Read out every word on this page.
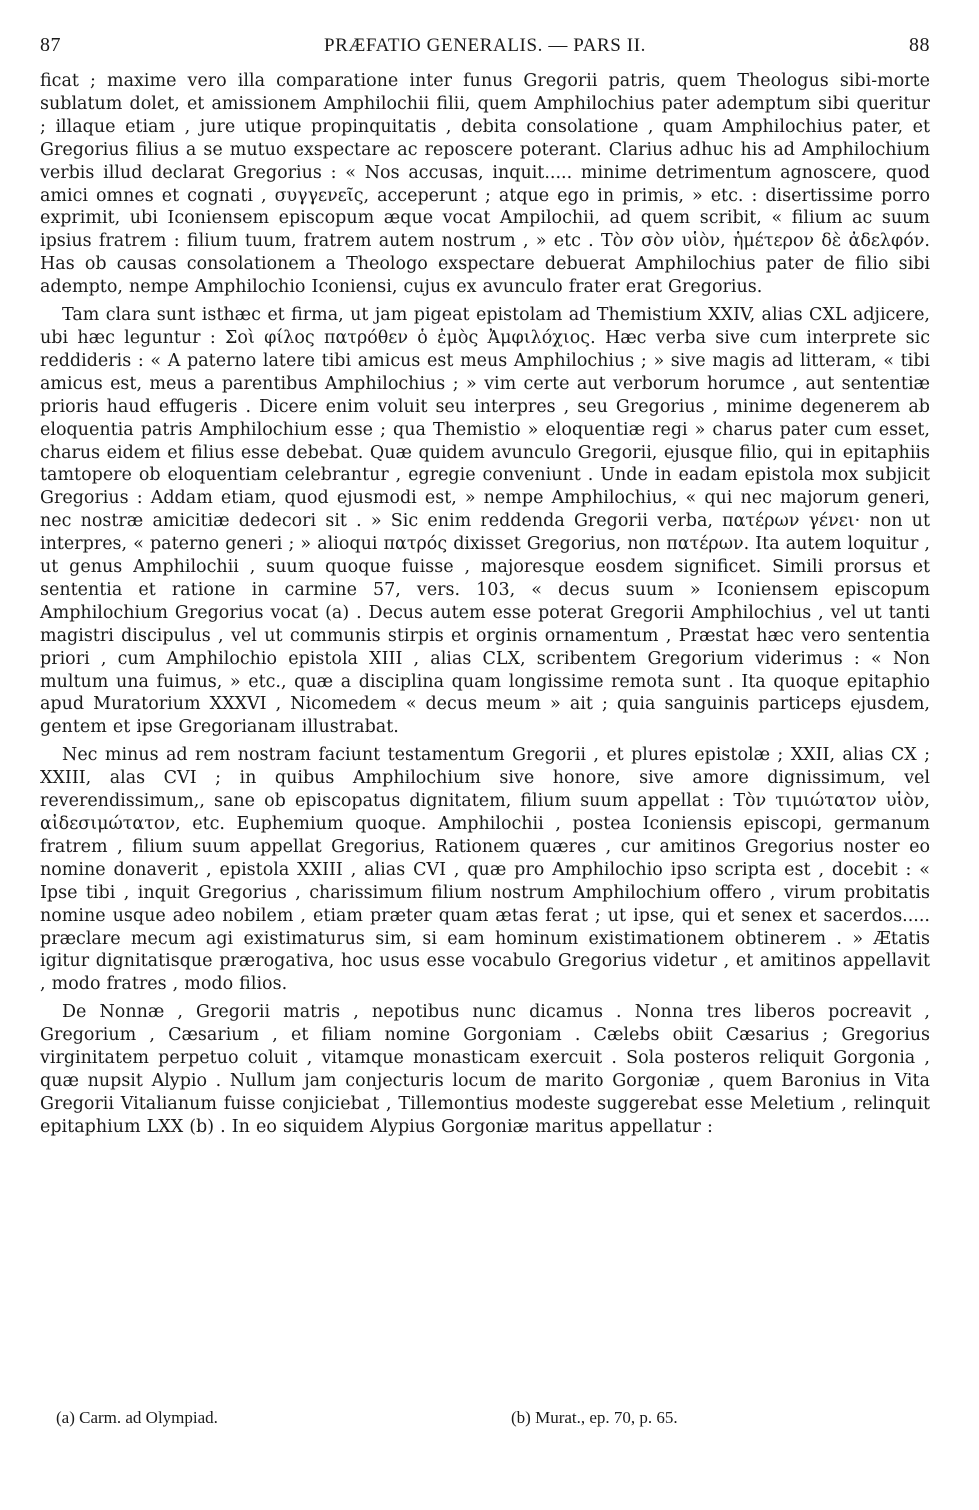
87	PRÆFATIO GENERALIS. — PARS II.	88

ficat ; maxime vero illa comparatione inter funus Gregorii patris, quem Theologus sibi-morte sublatum dolet, et amissionem Amphilochii filii, quem Amphilochius pater ademptum sibi queritur ; illaque etiam , jure utique propinquitatis , debita consolatione , quam Amphilochius pater, et Gregorius filius a se mutuo exspectare ac reposcere poterant. Clarius adhuc his ad Amphilochium verbis illud declarat Gregorius : « Nos accusas, inquit..... minime detrimentum agnoscere, quod amici omnes et cognati , συγγενεῖς, acceperunt ; atque ego in primis, » etc. : disertissime porro exprimit, ubi Iconiensem episcopum æque vocat Ampilochii, ad quem scribit, « filium ac suum ipsius fratrem : filium tuum, fratrem autem nostrum , » etc . Τὸν σὸν υἱὸν, ἡμέτερον δὲ ἀδελφόν. Has ob causas consolationem a Theologo exspectare debuerat Amphilochius pater de filio sibi adempto, nempe Amphilochio Iconiensi, cujus ex avunculo frater erat Gregorius.

Tam clara sunt isthæc et firma, ut jam pigeat epistolam ad Themistium XXIV, alias CXL adjicere, ubi hæc leguntur : Σοὶ φίλος πατρόθεν ὁ ἐμὸς Ἀμφιλόχιος. Hæc verba sive cum interprete sic reddideris : « A paterno latere tibi amicus est meus Amphilochius ; » sive magis ad litteram, « tibi amicus est, meus a parentibus Amphilochius ; » vim certe aut verborum horumce , aut sententiæ prioris haud effugeris . Dicere enim voluit seu interpres , seu Gregorius , minime degenerem ab eloquentia patris Amphilochium esse ; qua Themistio » eloquentiæ regi » charus pater cum esset, charus eidem et filius esse debebat. Quæ quidem avunculo Gregorii, ejusque filio, qui in epitaphiis tamtopere ob eloquentiam celebrantur , egregie conveniunt . Unde in eadam epistola mox subjicit Gregorius : Addam etiam, quod ejusmodi est, » nempe Amphilochius, « qui nec majorum generi, nec nostræ amicitiæ dedecori sit . » Sic enim reddenda Gregorii verba, πατέρων γένει· non ut interpres, « paterno generi ; » alioqui πατρός dixisset Gregorius, non πατέρων. Ita autem loquitur , ut genus Amphilochii , suum quoque fuisse , majoresque eosdem significet. Simili prorsus et sententia et ratione in carmine 57, vers. 103, « decus suum » Iconiensem episcopum Amphilochium Gregorius vocat (a) . Decus autem esse poterat Gregorii Amphilochius , vel ut tanti magistri discipulus , vel ut communis stirpis et orginis ornamentum , Præstat hæc vero sententia priori , cum Amphilochio epistola XIII , alias CLX, scribentem Gregorium viderimus : « Non multum una fuimus, » etc., quæ a disciplina quam longissime remota sunt . Ita quoque epitaphio apud Muratorium XXXVI , Nicomedem « decus meum » ait ; quia sanguinis particeps ejusdem, gentem et ipse Gregorianam illustrabat.

Nec minus ad rem nostram faciunt testamentum Gregorii , et plures epistolæ ; XXII, alias CX ; XXIII, alas CVI ; in quibus Amphilochium sive honore, sive amore dignissimum, vel reverendissimum,, sane ob episcopatus dignitatem, filium suum appellat : Τὸν τιμιώτατον υἱὸν, αἰδεσιμώτατον, etc. Euphemium quoque. Amphilochii , postea Iconiensis episcopi, germanum fratrem , filium suum appellat Gregorius, Rationem quæres , cur amitinos Gregorius noster eo nomine donaverit , epistola XXIII , alias CVI , quæ pro Amphilochio ipso scripta est , docebit : « Ipse tibi , inquit Gregorius , charissimum filium nostrum Amphilochium offero , virum probitatis nomine usque adeo nobilem , etiam præter quam ætas ferat ; ut ipse, qui et senex et sacerdos..... præclare mecum agi existimaturus sim, si eam hominum existimationem obtinerem . » Ætatis igitur dignitatisque prærogativa, hoc usus esse vocabulo Gregorius videtur , et amitinos appellavit , modo fratres , modo filios.

De Nonnæ , Gregorii matris , nepotibus nunc dicamus . Nonna tres liberos pocreavit , Gregorium , Cæsarium , et filiam nomine Gorgoniam . Cælebs obiit Cæsarius ; Gregorius virginitatem perpetuo coluit , vitamque monasticam exercuit . Sola posteros reliquit Gorgonia , quæ nupsit Alypio . Nullum jam conjecturis locum de marito Gorgoniæ , quem Baronius in Vita Gregorii Vitalianum fuisse conjiciebat , Tillemontius modeste suggerebat esse Meletium , relinquit epitaphium LXX (b) . In eo siquidem Alypius Gorgoniæ maritus appellatur :

(a) Carm. ad Olympiad.	(b) Murat., ep. 70, p. 65.
